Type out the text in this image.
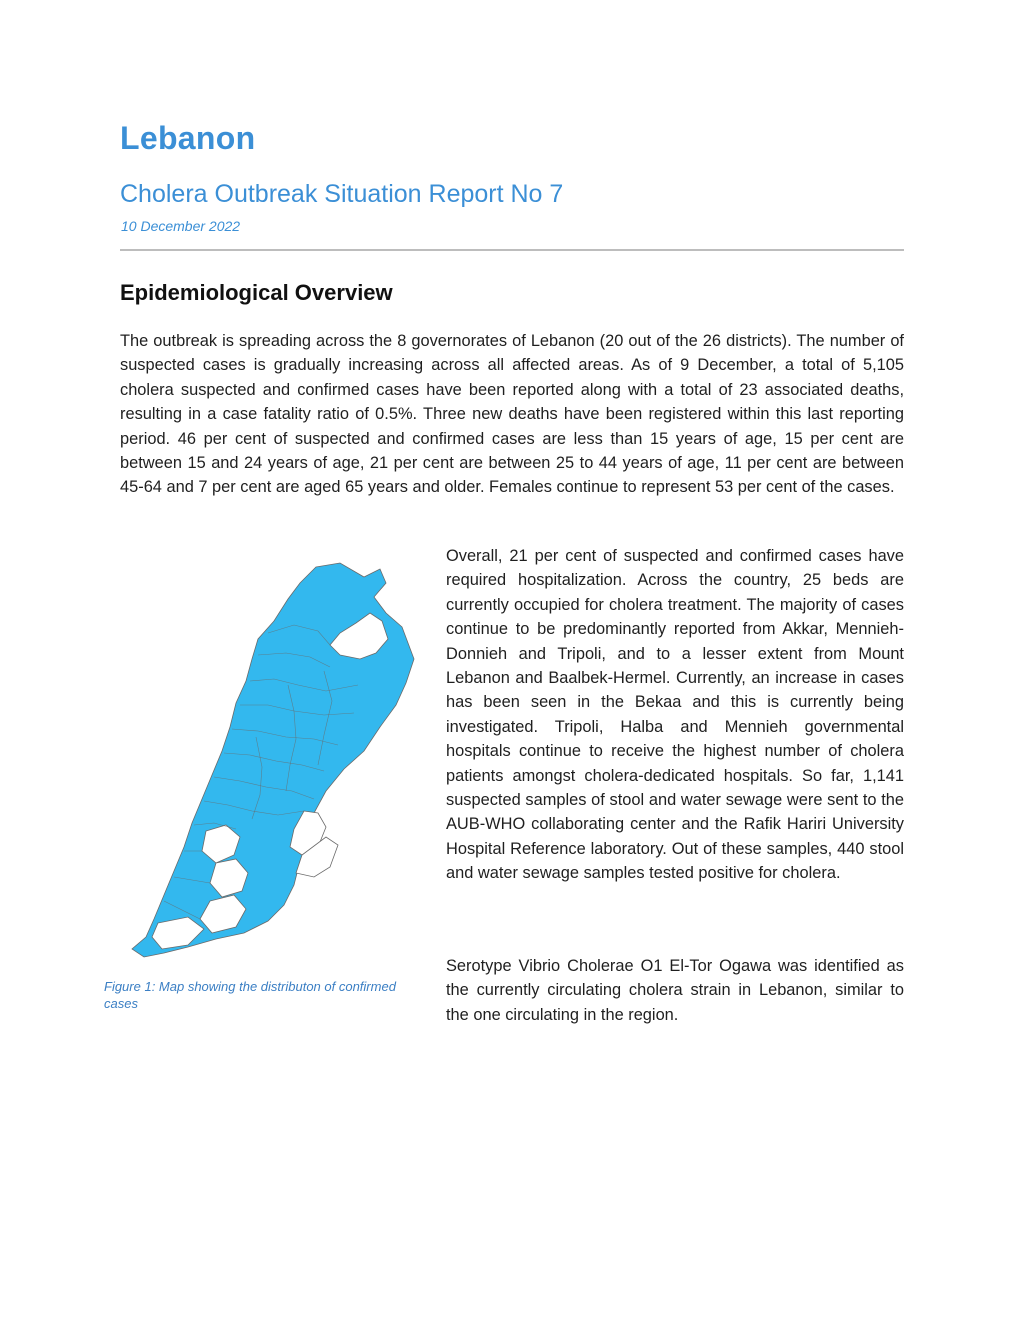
Lebanon
Cholera Outbreak Situation Report No 7
10 December 2022
Epidemiological Overview

The outbreak is spreading across the 8 governorates of Lebanon (20 out of the 26 districts). The number of suspected cases is gradually increasing across all affected areas. As of 9 December, a total of 5,105 cholera suspected and confirmed cases have been reported along with a total of 23 associated deaths, resulting in a case fatality ratio of 0.5%. Three new deaths have been registered within this last reporting period. 46 per cent of suspected and confirmed cases are less than 15 years of age, 15 per cent are between 15 and 24 years of age, 21 per cent are between 25 to 44 years of age, 11 per cent are between 45-64 and 7 per cent are aged 65 years and older. Females continue to represent 53 per cent of the cases.

Figure 1: Map showing the distributon of confirmed cases

Overall, 21 per cent of suspected and confirmed cases have required hospitalization. Across the country, 25 beds are currently occupied for cholera treatment. The majority of cases continue to be predominantly reported from Akkar, Mennieh-Donnieh and Tripoli, and to a lesser extent from Mount Lebanon and Baalbek-Hermel. Currently, an increase in cases has been seen in the Bekaa and this is currently being investigated. Tripoli, Halba and Mennieh governmental hospitals continue to receive the highest number of cholera patients amongst cholera-dedicated hospitals. So far, 1,141 suspected samples of stool and water sewage were sent to the AUB-WHO collaborating center and the Rafik Hariri University Hospital Reference laboratory. Out of these samples, 440 stool and water sewage samples tested positive for cholera.

Serotype Vibrio Cholerae O1 El-Tor Ogawa was identified as the currently circulating cholera strain in Lebanon, similar to the one circulating in the region.
